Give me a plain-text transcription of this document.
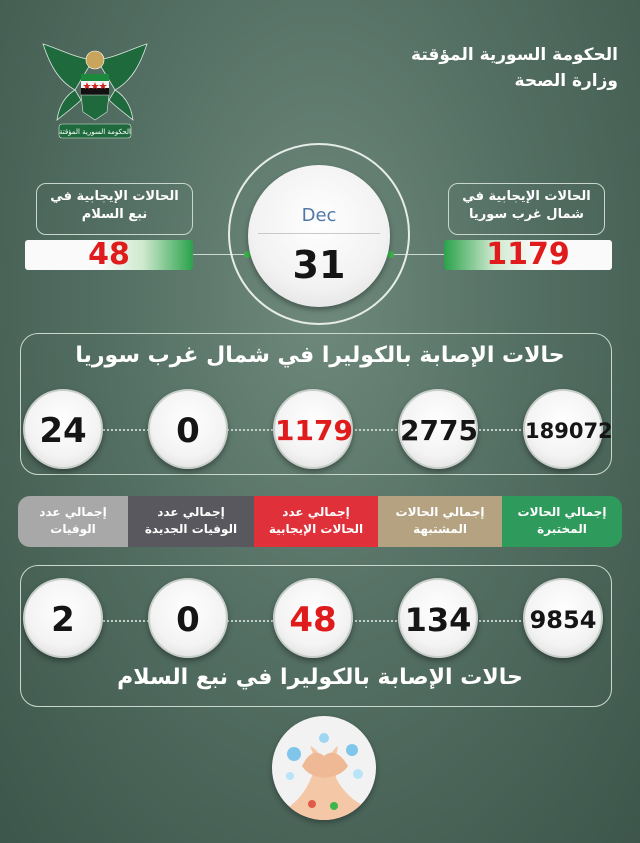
الحكومة السورية المؤقتة
وزارة الصحة
الحكومة السورية المؤقتة
الحالات الإيجابية في
نبع السلام
48
الحالات الإيجابية في
شمال غرب سوريا
1179
Dec
31
حالات الإصابة بالكوليرا في شمال غرب سوريا
24	0	1179 2775 189072
إجمالي عدد
الوفيات
إجمالي عدد
الوفيات الجديدة
إجمالي عدد
الحالات الإيجابية
إجمالي الحالات
المشتبهة
إجمالي الحالات
المختبرة
2	0	48	134 9854
حالات الإصابة بالكوليرا في نبع السلام
